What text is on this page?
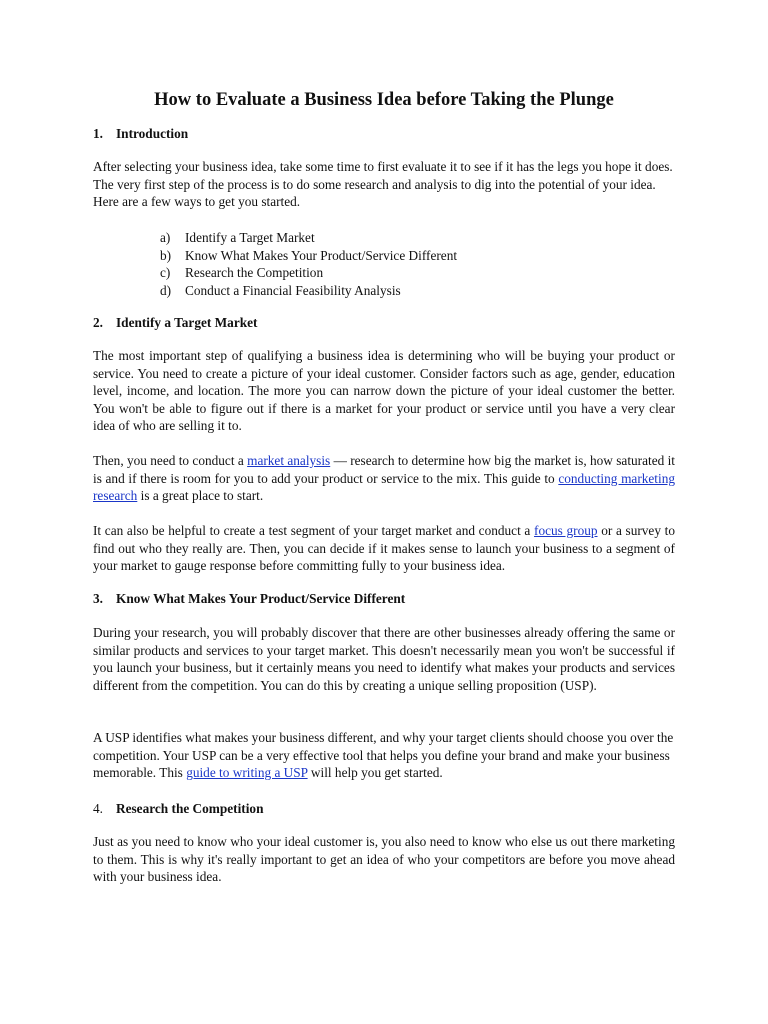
How to Evaluate a Business Idea before Taking the Plunge
1. Introduction

After selecting your business idea, take some time to first evaluate it to see if it has the legs you hope it does. The very first step of the process is to do some research and analysis to dig into the potential of your idea. Here are a few ways to get you started.

a) Identify a Target Market
b) Know What Makes Your Product/Service Different
c) Research the Competition
d) Conduct a Financial Feasibility Analysis
2. Identify a Target Market

The most important step of qualifying a business idea is determining who will be buying your product or service. You need to create a picture of your ideal customer. Consider factors such as age, gender, education level, income, and location. The more you can narrow down the picture of your ideal customer the better. You won't be able to figure out if there is a market for your product or service until you have a very clear idea of who are selling it to.

Then, you need to conduct a market analysis — research to determine how big the market is, how saturated it is and if there is room for you to add your product or service to the mix. This guide to conducting marketing research is a great place to start.

It can also be helpful to create a test segment of your target market and conduct a focus group or a survey to find out who they really are. Then, you can decide if it makes sense to launch your business to a segment of your market to gauge response before committing fully to your business idea.

3. Know What Makes Your Product/Service Different

During your research, you will probably discover that there are other businesses already offering the same or similar products and services to your target market. This doesn't necessarily mean you won't be successful if you launch your business, but it certainly means you need to identify what makes your products and services different from the competition. You can do this by creating a unique selling proposition (USP).

A USP identifies what makes your business different, and why your target clients should choose you over the competition. Your USP can be a very effective tool that helps you define your brand and make your business memorable. This guide to writing a USP will help you get started.

4. Research the Competition

Just as you need to know who your ideal customer is, you also need to know who else us out there marketing to them. This is why it's really important to get an idea of who your competitors are before you move ahead with your business idea.
